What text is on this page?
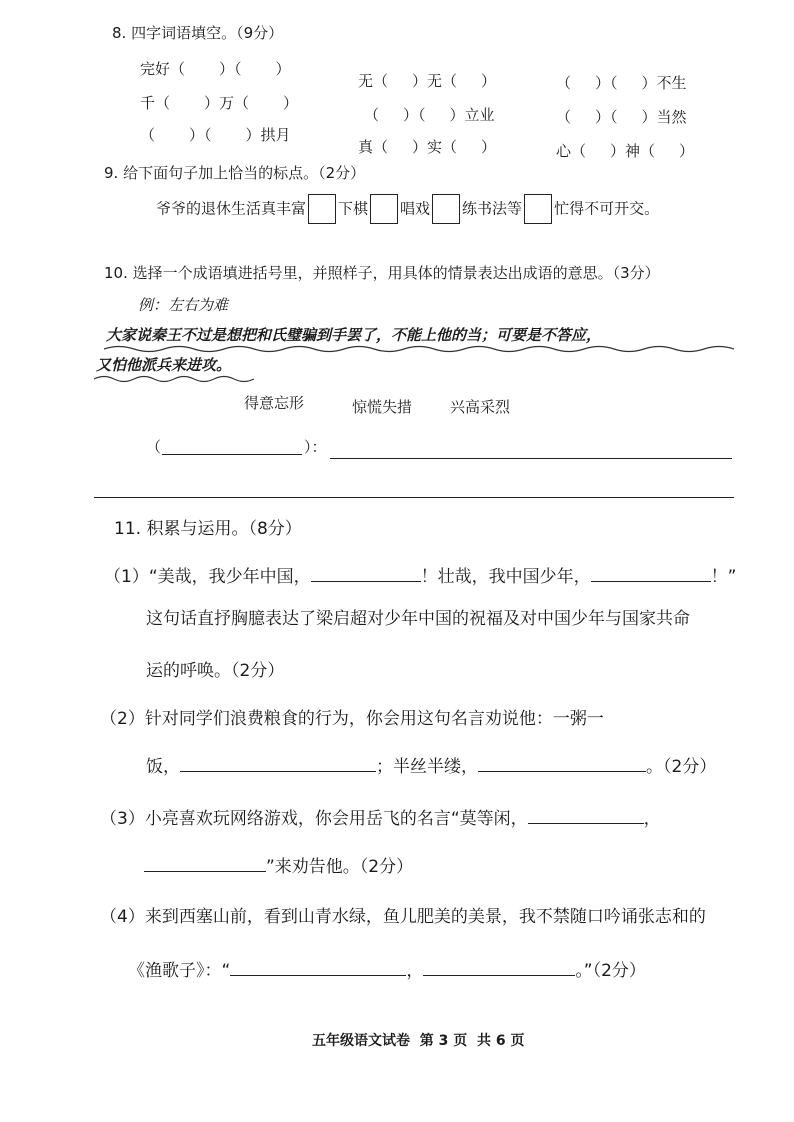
8. 四字词语填空。（9分）
完好（ ）（ ）
千（ ）万（ ）
（ ）（ ）拱月
无（ ）无（ ）
（ ）（ ）立业
真（ ）实（ ）
（ ）（ ）不生
（ ）（ ）当然
心（ ）神（ ）
9. 给下面句子加上恰当的标点。（2分）
爷爷的退休生活真丰富 下棋 唱戏 练书法等 忙得不可开交。
10. 选择一个成语填进括号里，并照样子，用具体的情景表达出成语的意思。（3分）
例：左右为难
大家说秦王不过是想把和氏璧骗到手罢了，不能上他的当；可要是不答应，
又怕他派兵来进攻。
得意忘形	惊慌失措	兴高采烈
（	）：
11. 积累与运用。（8分）
（1）“美哉，我少年中国，	！壮哉，我中国少年，	！”
这句话直抒胸臆表达了梁启超对少年中国的祝福及对中国少年与国家共命
运的呼唤。（2分）
（2）针对同学们浪费粮食的行为，你会用这句名言劝说他：一粥一
饭，	；半丝半缕，	。（2分）
（3）小亮喜欢玩网络游戏，你会用岳飞的名言“莫等闲，	，
”来劝告他。（2分）
（4）来到西塞山前，看到山青水绿，鱼儿肥美的美景，我不禁随口吟诵张志和的
《渔歌子》：“	，	。”（2分）
五年级语文试卷  第 3 页  共 6 页
